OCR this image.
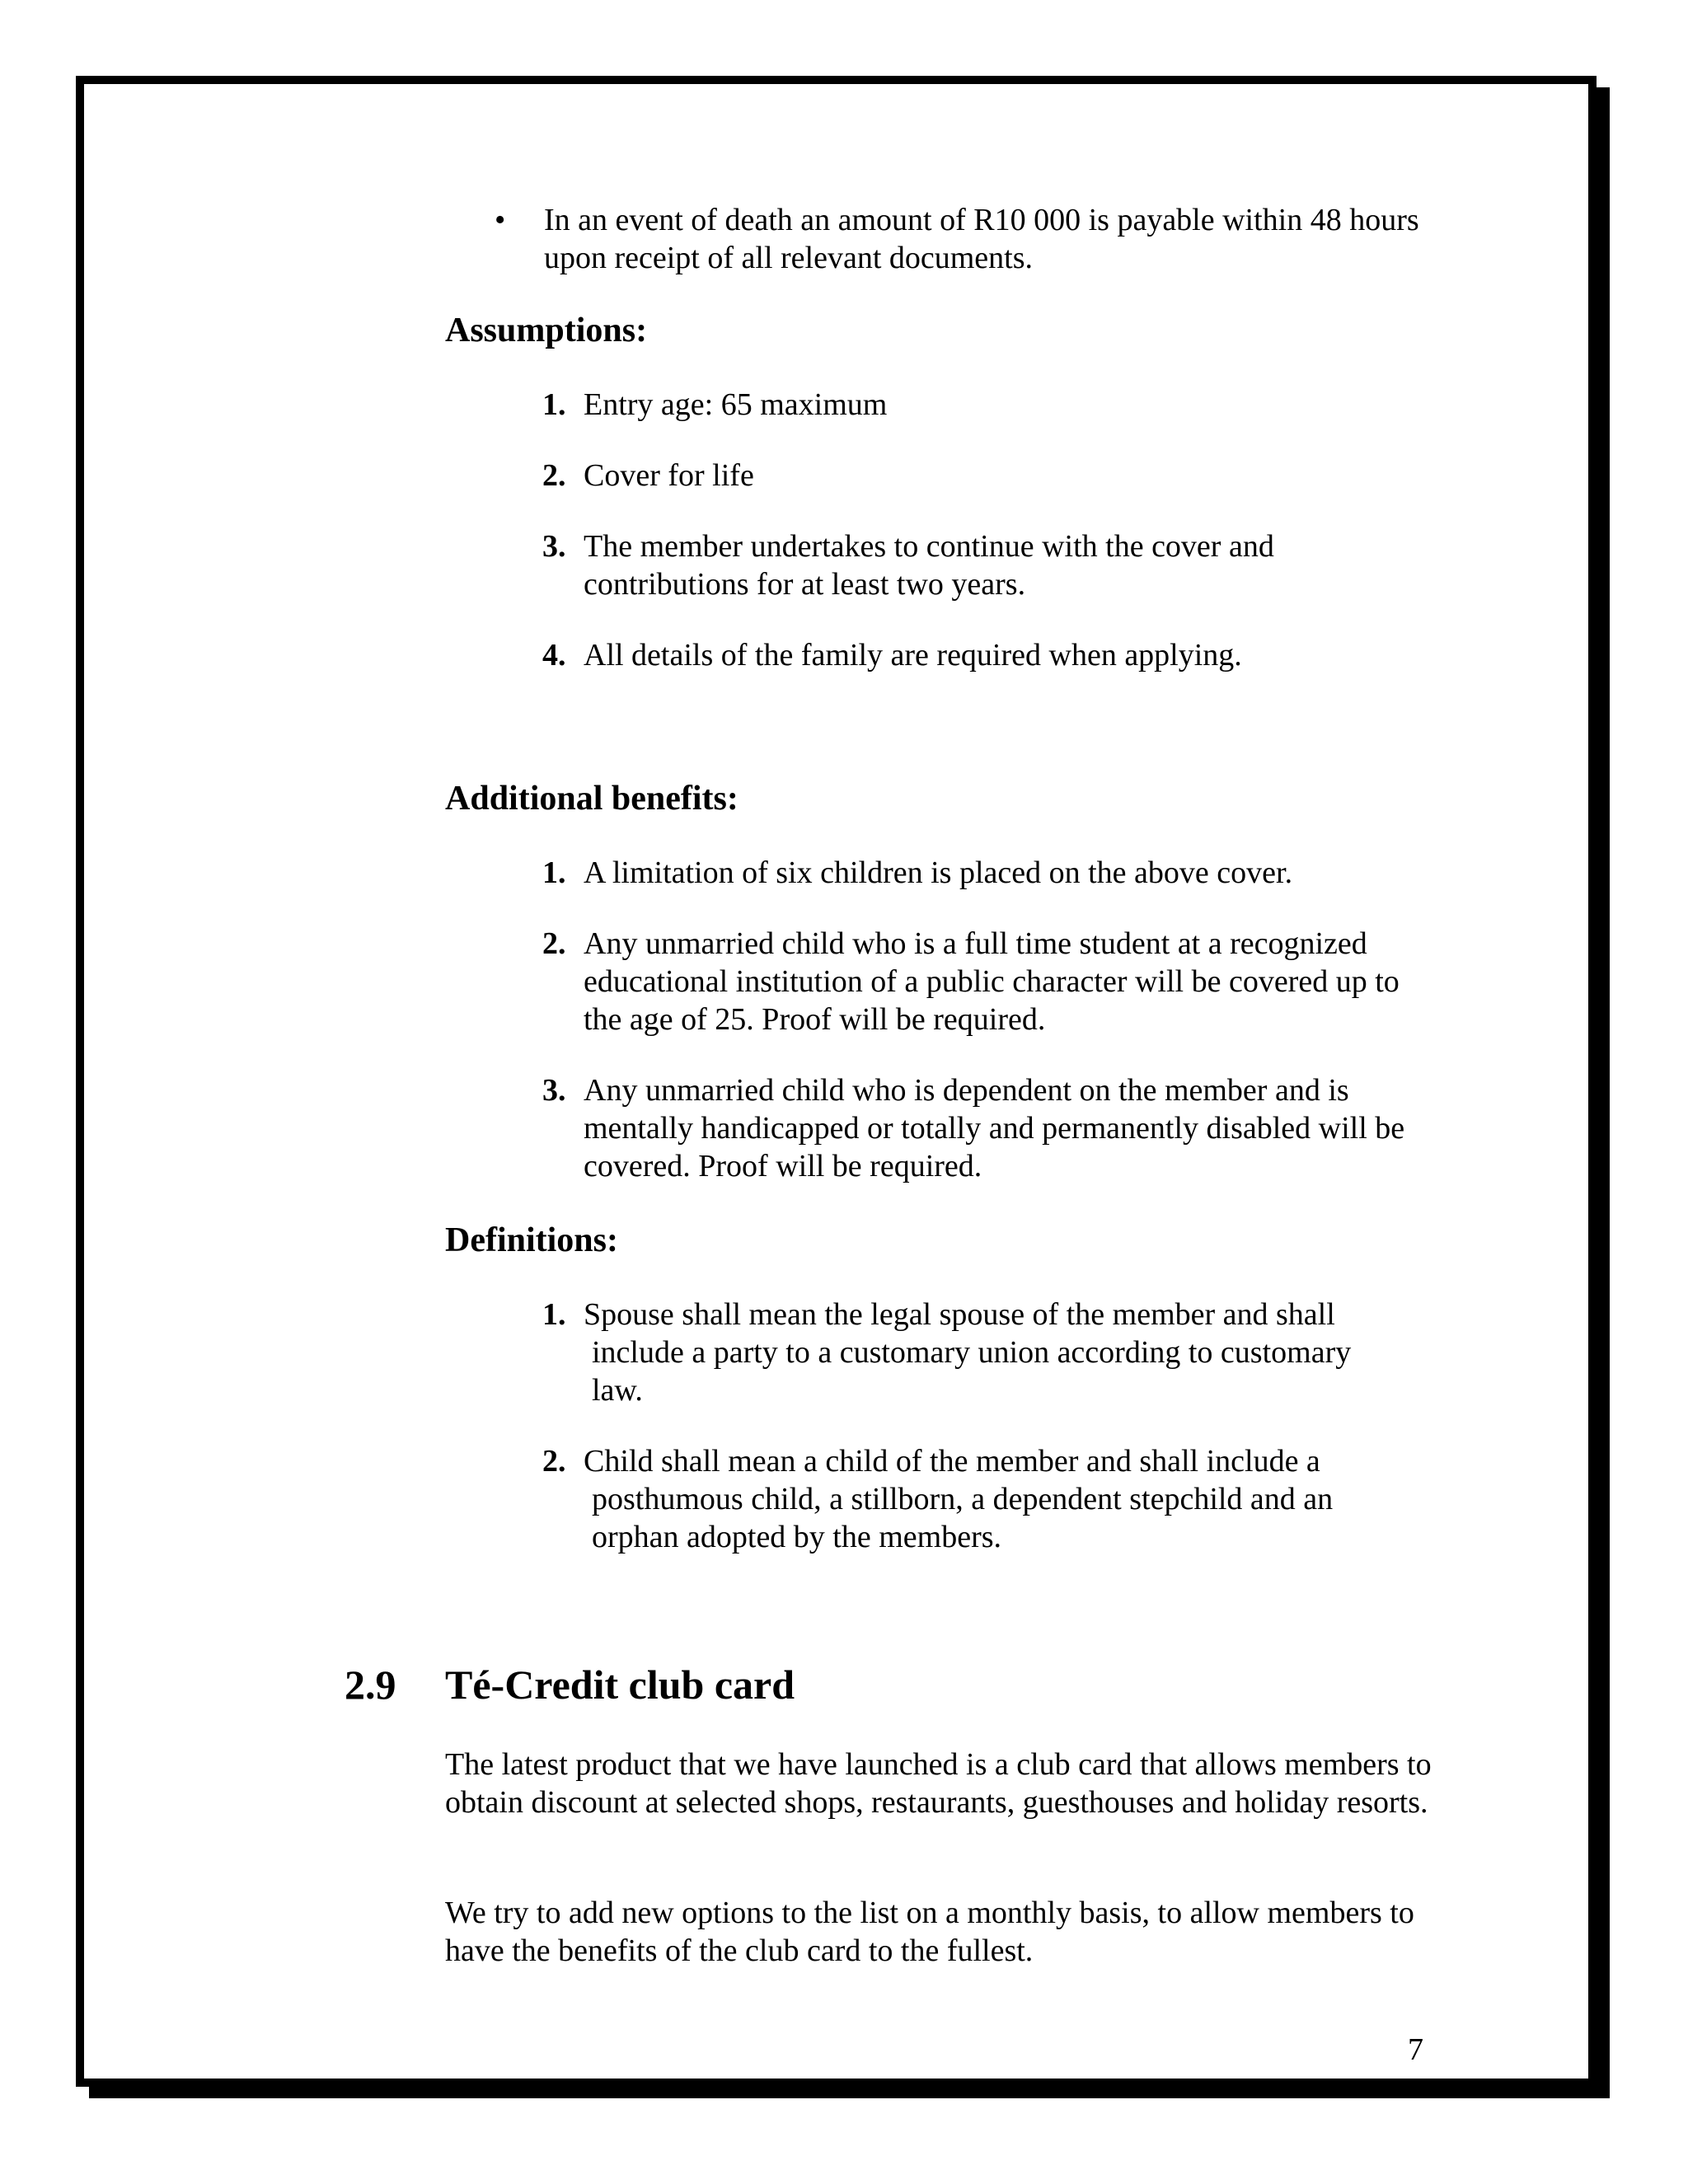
• In an event of death an amount of R10 000 is payable within 48 hours upon receipt of all relevant documents.

Assumptions:
1. Entry age: 65 maximum

2. Cover for life

3. The member undertakes to continue with the cover and contributions for at least two years.

4. All details of the family are required when applying.

Additional benefits:
1. A limitation of six children is placed on the above cover.

2. Any unmarried child who is a full time student at a recognized educational institution of a public character will be covered up to the age of 25. Proof will be required.

3. Any unmarried child who is dependent on the member and is mentally handicapped or totally and permanently disabled will be covered. Proof will be required.

Definitions:
1. Spouse shall mean the legal spouse of the member and shall
include a party to a customary union according to customary law.
2. Child shall mean a child of the member and shall include a
posthumous child, a stillborn, a dependent stepchild and an orphan adopted by the members.
2.9 Té-Credit club card

The latest product that we have launched is a club card that allows members to obtain discount at selected shops, restaurants, guesthouses and holiday resorts.

We try to add new options to the list on a monthly basis, to allow members to have the benefits of the club card to the fullest.

7
